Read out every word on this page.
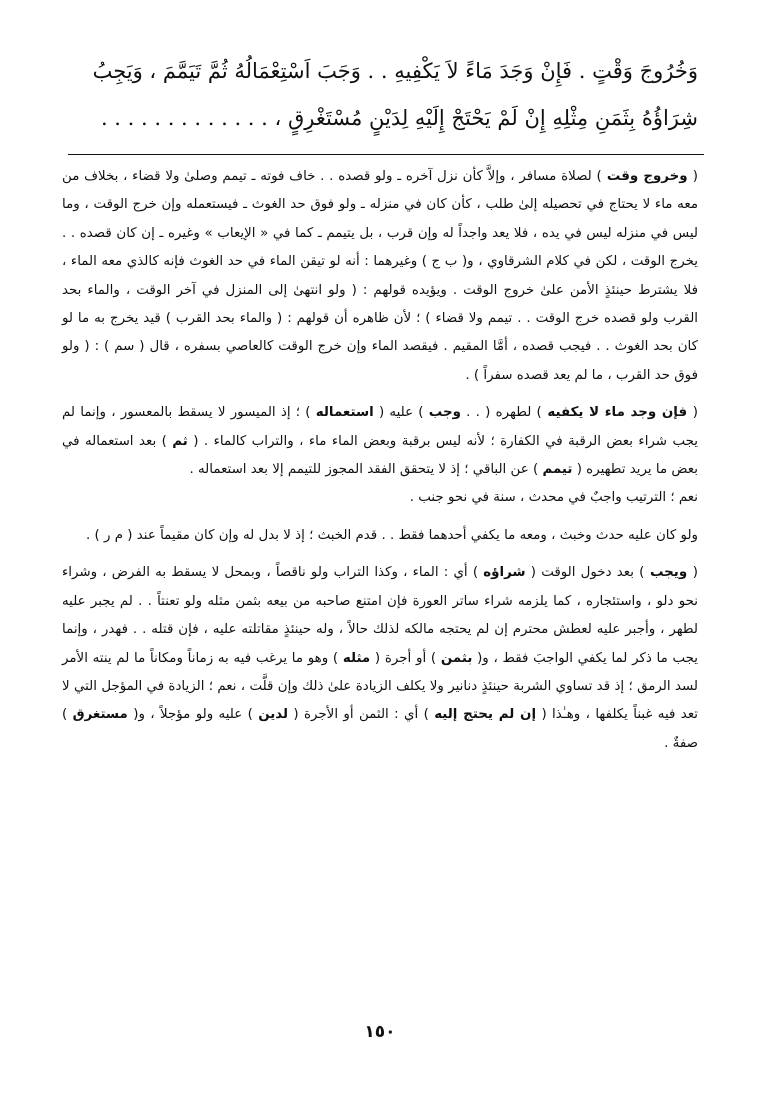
وَخُرُوجَ وَقْتٍ . فَإِنْ وَجَدَ مَاءً لاَ يَكْفِيهِ . . وَجَبَ اَسْتِعْمَالُهُ ثُمَّ تَيَمَّمَ ، وَيَجِبُ
شِرَاؤُهُ بِثَمَنِ مِثْلِهِ إِنْ لَمْ يَحْتَجْ إِلَيْهِ لِدَيْنٍ مُسْتَغْرِقٍ ، . . . . . . . . . . . . .

( وخروج وقت ) لصلاة مسافر ، وإلاَّ كأن نزل آخره ـ ولو قصده . . خاف فوته ـ تيمم وصلىٰ ولا قضاء ، بخلاف من معه ماء لا يحتاج في تحصيله إلىٰ طلب ، كأن كان في منزله ـ ولو فوق حد الغوث ـ فيستعمله وإن خرج الوقت ، وما ليس في منزله ليس في يده ، فلا يعد واجداً له وإن قرب ، بل يتيمم ـ كما في « الإيعاب » وغيره ـ إن كان قصده . . يخرج الوقت ، لكن في كلام الشرقاوي ، و( ب ج ) وغيرهما : أنه لو تيقن الماء في حد الغوث فإنه كالذي معه الماء ، فلا يشترط حينئذٍ الأمن علىٰ خروج الوقت . ويؤيده قولهم : ( ولو انتهىٰ إلى المنزل في آخر الوقت ، والماء بحد القرب ولو قصده خرج الوقت . . تيمم ولا قضاء ) ؛ لأن ظاهره أن قولهم : ( والماء بحد القرب ) قيد يخرج به ما لو كان بحد الغوث . . فيجب قصده ، أمَّا المقيم . فيقصد الماء وإن خرج الوقت كالعاصي بسفره ، قال ( سم ) : ( ولو فوق حد القرب ، ما لم يعد قصده سفراً ) .

( فإن وجد ماء لا يكفيه ) لطهره ( . . وجب ) عليه ( استعماله ) ؛ إذ الميسور لا يسقط بالمعسور ، وإنما لم يجب شراء بعض الرقبة في الكفارة ؛ لأنه ليس برقبة وبعض الماء ماء ، والتراب كالماء . ( ثم ) بعد استعماله في بعض ما يريد تطهيره ( تيمم ) عن الباقي ؛ إذ لا يتحقق الفقد المجوز للتيمم إلا بعد استعماله .

نعم ؛ الترتيب واجبٌ في محدث ، سنة في نحو جنب .

ولو كان عليه حدث وخبث ، ومعه ما يكفي أحدهما فقط . . قدم الخبث ؛ إذ لا بدل له وإن كان مقيماً عند ( م ر ) .

( ويجب ) بعد دخول الوقت ( شراؤه ) أي : الماء ، وكذا التراب ولو ناقصاً ، وبمحل لا يسقط به الفرض ، وشراء نحو دلو ، واستئجاره ، كما يلزمه شراء ساتر العورة فإن امتنع صاحبه من بيعه بثمن مثله ولو تعنتاً . . لم يجبر عليه لطهر ، وأجبر عليه لعطش محترم إن لم يحتجه مالكه لذلك حالاً ، وله حينئذٍ مقاتلته عليه ، فإن قتله . . فهدر ، وإنما يجب ما ذكر لما يكفي الواجبَ فقط ، و( بثمن ) أو أجرة ( مثله ) وهو ما يرغب فيه به زماناً ومكاناً ما لم ينته الأمر لسد الرمق ؛ إذ قد تساوي الشربة حينئذٍ دنانير ولا يكلف الزيادة علىٰ ذلك وإن قلَّت ، نعم ؛ الزيادة في المؤجل التي لا تعد فيه غبناً يكلفها ، وهـٰذا ( إن لم يحتج إليه ) أي : الثمن أو الأجرة ( لدين ) عليه ولو مؤجلاً ، و( مستغرق ) صفةٌ .

١٥٠
